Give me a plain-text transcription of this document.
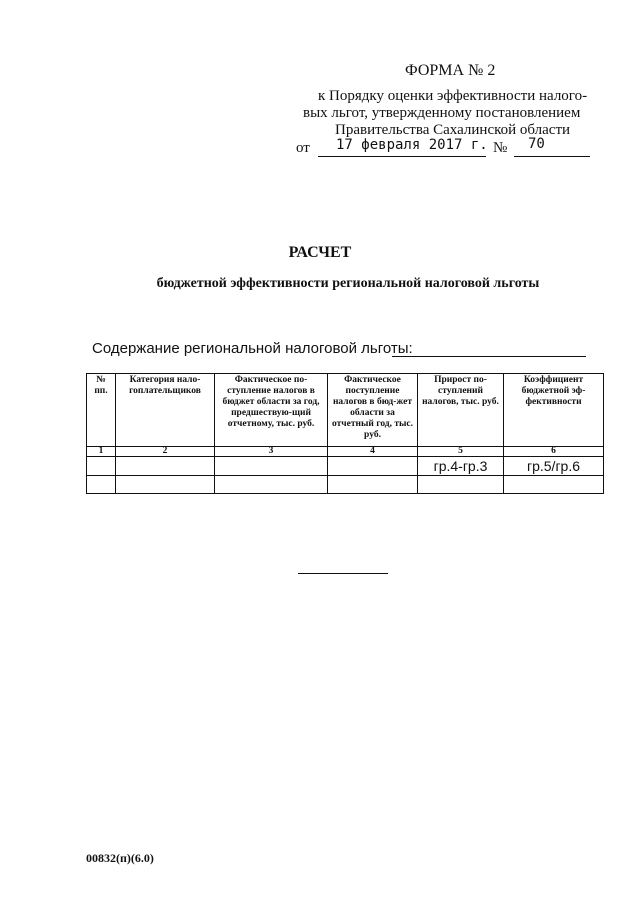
ФОРМА № 2
к Порядку оценки эффективности налого-
вых льгот, утвержденному постановлением
Правительства Сахалинской области
от 17 февраля 2017 г. № 70
РАСЧЕТ
бюджетной эффективности региональной налоговой льготы
Содержание региональной налоговой льготы:
№ пп.	Категория нало-гоплательщиков	Фактическое по-ступление налогов в бюджет области за год, предшествую-щий отчетному, тыс. руб.	Фактическое поступление налогов в бюд-жет области за отчетный год, тыс. руб.	Прирост по-ступлений налогов, тыс. руб.	Коэффициент бюджетной эф-фективности
1	2	3	4	5	6
				гр.4-гр.3	гр.5/гр.6

00832(п)(6.0)
